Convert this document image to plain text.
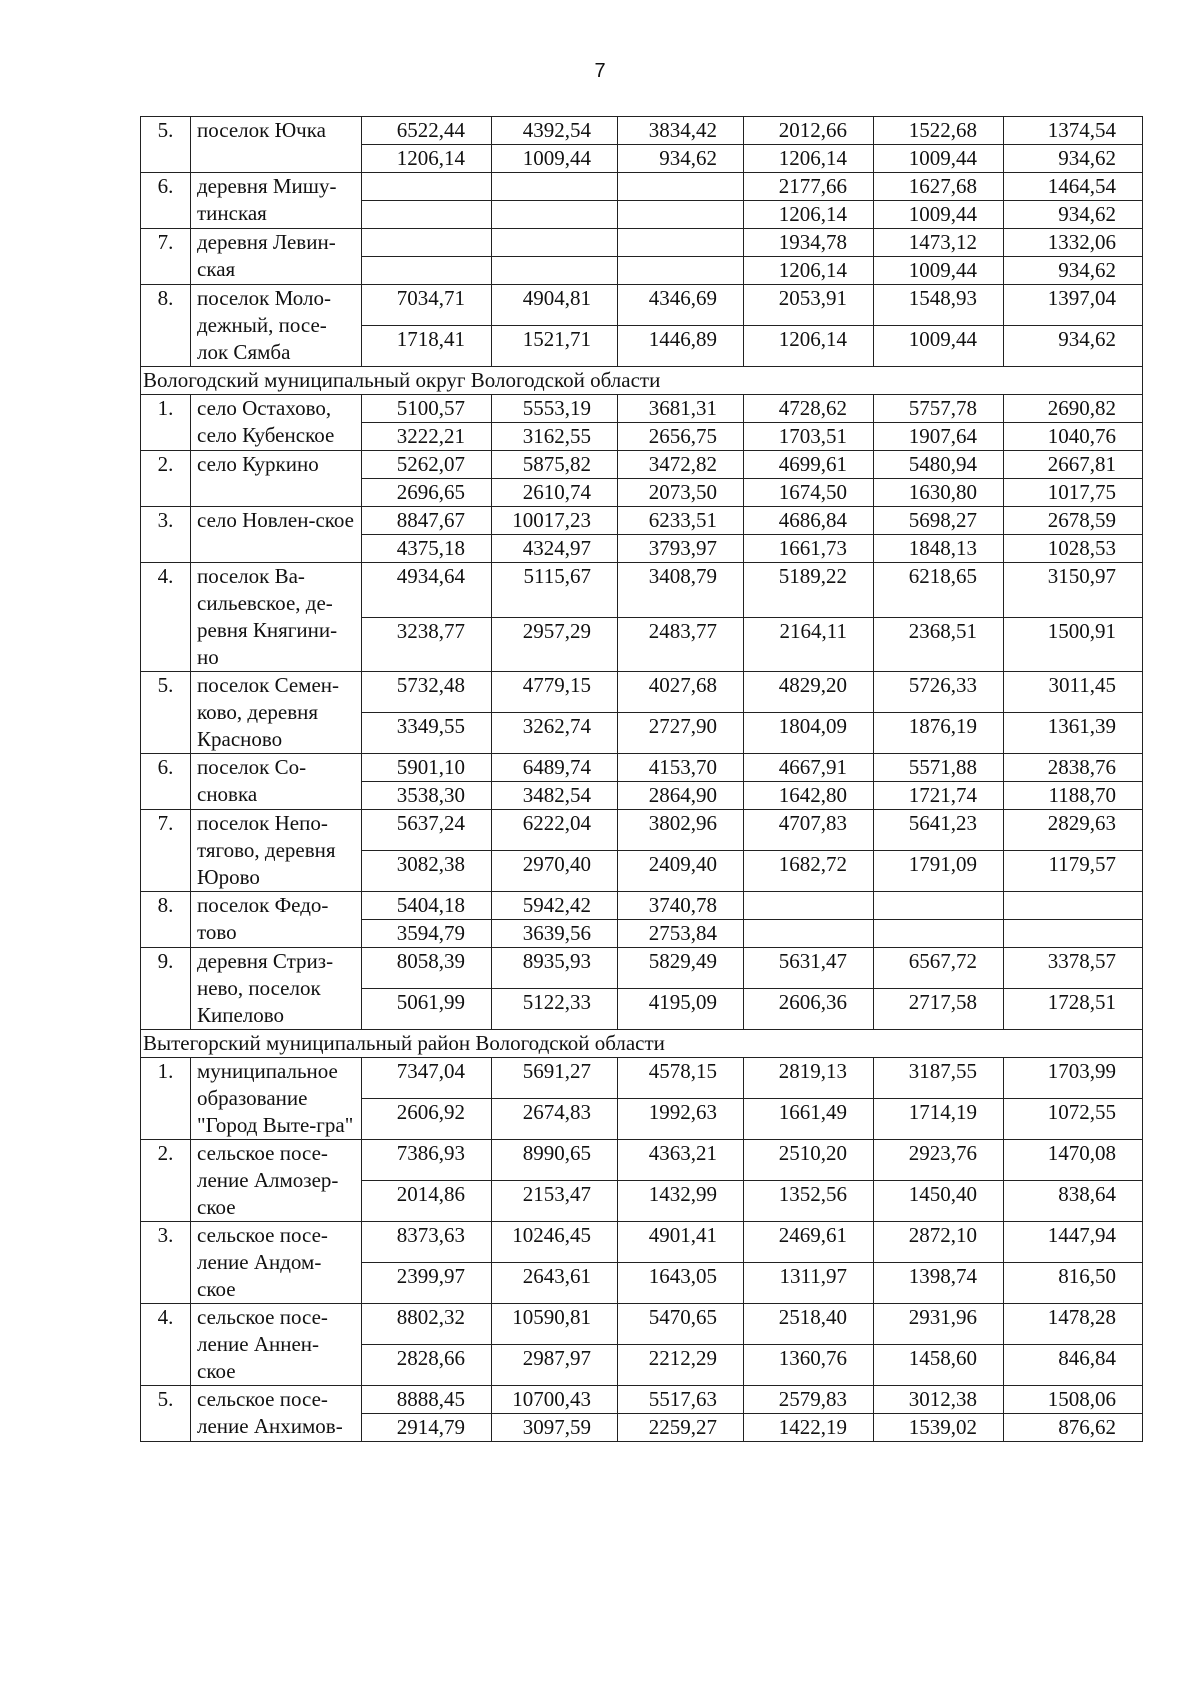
7
5.	поселок Ючка	6522,44	4392,54	3834,42	2012,66	1522,68	1374,54
		1206,14	1009,44	934,62	1206,14	1009,44	934,62
6.	деревня Мишу-тинская				2177,66	1627,68	1464,54
					1206,14	1009,44	934,62
7.	деревня Левин-ская				1934,78	1473,12	1332,06
					1206,14	1009,44	934,62
8.	поселок Моло-дежный, посе-лок Сямба	7034,71	4904,81	4346,69	2053,91	1548,93	1397,04
		1718,41	1521,71	1446,89	1206,14	1009,44	934,62
Вологодский муниципальный округ Вологодской области							
1.	село Остахово, село Кубенское	5100,57	5553,19	3681,31	4728,62	5757,78	2690,82
		3222,21	3162,55	2656,75	1703,51	1907,64	1040,76
2.	село Куркино	5262,07	5875,82	3472,82	4699,61	5480,94	2667,81
		2696,65	2610,74	2073,50	1674,50	1630,80	1017,75
3.	село Новлен-ское	8847,67	10017,23	6233,51	4686,84	5698,27	2678,59
		4375,18	4324,97	3793,97	1661,73	1848,13	1028,53
4.	поселок Ва-сильевское, де-ревня Княгини-но	4934,64	5115,67	3408,79	5189,22	6218,65	3150,97
		3238,77	2957,29	2483,77	2164,11	2368,51	1500,91
5.	поселок Семен-ково, деревня Красново	5732,48	4779,15	4027,68	4829,20	5726,33	3011,45
		3349,55	3262,74	2727,90	1804,09	1876,19	1361,39
6.	поселок Со-сновка	5901,10	6489,74	4153,70	4667,91	5571,88	2838,76
		3538,30	3482,54	2864,90	1642,80	1721,74	1188,70
7.	поселок Непо-тягово, деревня Юрово	5637,24	6222,04	3802,96	4707,83	5641,23	2829,63
		3082,38	2970,40	2409,40	1682,72	1791,09	1179,57
8.	поселок Федо-тово	5404,18	5942,42	3740,78			
		3594,79	3639,56	2753,84			
9.	деревня Стриз-нево, поселок Кипелово	8058,39	8935,93	5829,49	5631,47	6567,72	3378,57
		5061,99	5122,33	4195,09	2606,36	2717,58	1728,51
Вытегорский муниципальный район Вологодской области							
1.	муниципальное образование "Город Выте-гра"	7347,04	5691,27	4578,15	2819,13	3187,55	1703,99
		2606,92	2674,83	1992,63	1661,49	1714,19	1072,55
2.	сельское посе-ление Алмозер-ское	7386,93	8990,65	4363,21	2510,20	2923,76	1470,08
		2014,86	2153,47	1432,99	1352,56	1450,40	838,64
3.	сельское посе-ление Андом-ское	8373,63	10246,45	4901,41	2469,61	2872,10	1447,94
		2399,97	2643,61	1643,05	1311,97	1398,74	816,50
4.	сельское посе-ление Аннен-ское	8802,32	10590,81	5470,65	2518,40	2931,96	1478,28
		2828,66	2987,97	2212,29	1360,76	1458,60	846,84
5.	сельское посе-ление Анхимов-	8888,45	10700,43	5517,63	2579,83	3012,38	1508,06
		2914,79	3097,59	2259,27	1422,19	1539,02	876,62
